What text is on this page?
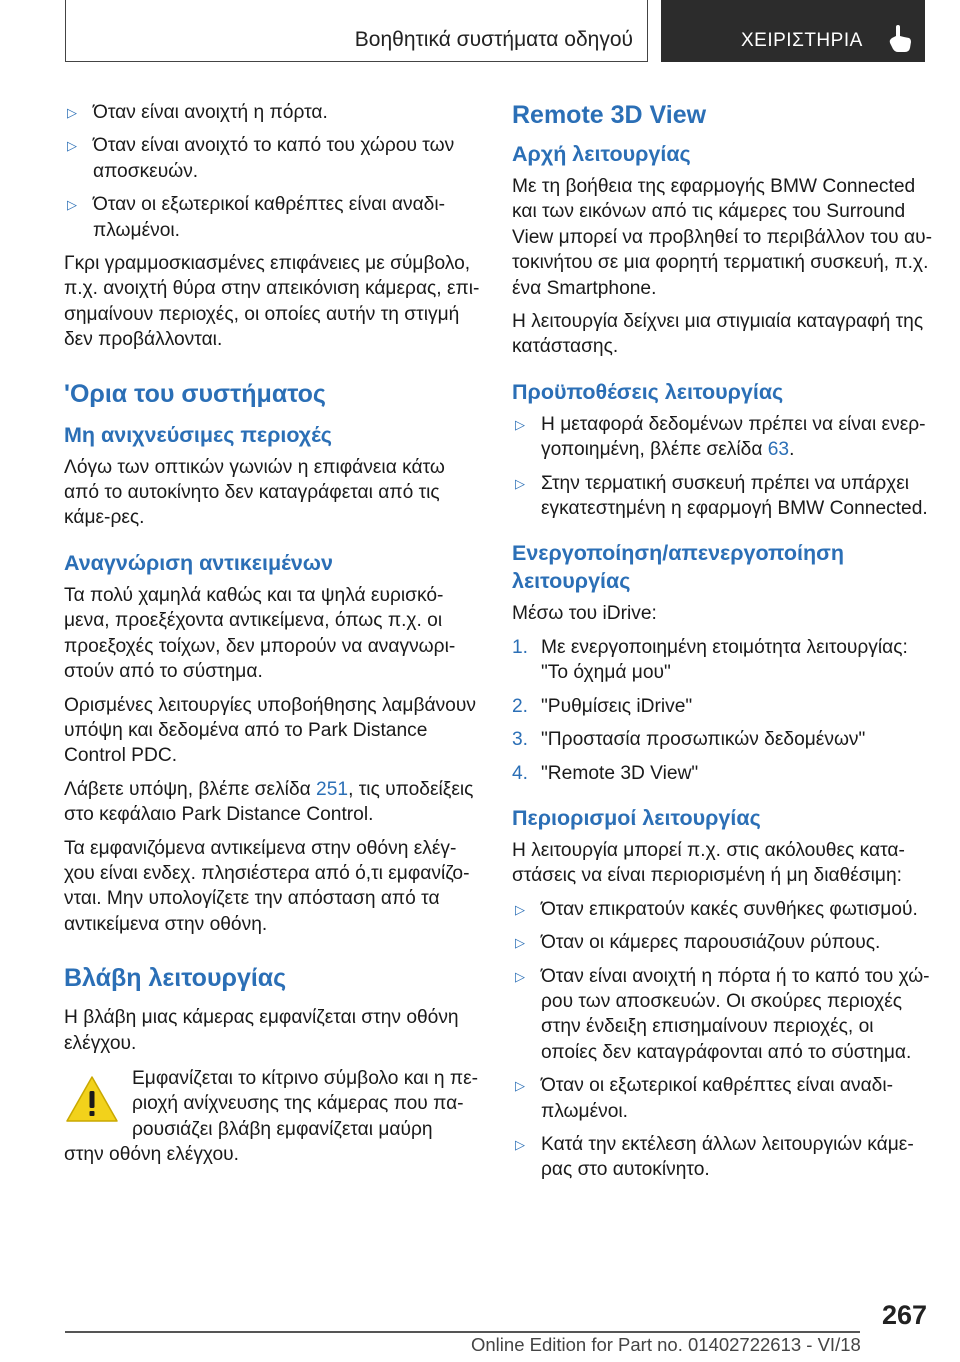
Βοηθητικά συστήματα οδηγού	ΧΕΙΡΙΣΤΗΡΙΑ
▷ Όταν είναι ανοιχτή η πόρτα.
▷ Όταν είναι ανοιχτό το καπό του χώρου των αποσκευών.
▷ Όταν οι εξωτερικοί καθρέπτες είναι αναδι-πλωμένοι.

Γκρι γραμμοσκιασμένες επιφάνειες με σύμβολο, π.χ. ανοιχτή θύρα στην απεικόνιση κάμερας, επι-σημαίνουν περιοχές, οι οποίες αυτήν τη στιγμή δεν προβάλλονται.

'Ορια του συστήματος
Μη ανιχνεύσιμες περιοχές

Λόγω των οπτικών γωνιών η επιφάνεια κάτω από το αυτοκίνητο δεν καταγράφεται από τις κάμε-ρες.

Αναγνώριση αντικειμένων

Τα πολύ χαμηλά καθώς και τα ψηλά ευρισκό-μενα, προεξέχοντα αντικείμενα, όπως π.χ. οι προεξοχές τοίχων, δεν μπορούν να αναγνωρι-στούν από το σύστημα.

Ορισμένες λειτουργίες υποβοήθησης λαμβάνουν υπόψη και δεδομένα από το Park Distance Control PDC.

Λάβετε υπόψη, βλέπε σελίδα 251, τις υποδείξεις στο κεφάλαιο Park Distance Control.

Τα εμφανιζόμενα αντικείμενα στην οθόνη ελέγ-χου είναι ενδεχ. πλησιέστερα από ό,τι εμφανίζο-νται. Μην υπολογίζετε την απόσταση από τα αντικείμενα στην οθόνη.

Βλάβη λειτουργίας

Η βλάβη μιας κάμερας εμφανίζεται στην οθόνη ελέγχου.

Εμφανίζεται το κίτρινο σύμβολο και η πε-

ριοχή ανίχνευσης της κάμερας που πα-

ρουσιάζει βλάβη εμφανίζεται μαύρη

στην οθόνη ελέγχου.

Remote 3D View
Αρχή λειτουργίας

Με τη βοήθεια της εφαρμογής BMW Connected και των εικόνων από τις κάμερες του Surround View μπορεί να προβληθεί το περιβάλλον του αυ-τοκινήτου σε μια φορητή τερματική συσκευή, π.χ. ένα Smartphone.

Η λειτουργία δείχνει μια στιγμιαία καταγραφή της κατάστασης.

Προϋποθέσεις λειτουργίας
▷ Η μεταφορά δεδομένων πρέπει να είναι ενερ-γοποιημένη, βλέπε σελίδα 63.
▷ Στην τερματική συσκευή πρέπει να υπάρχει εγκατεστημένη η εφαρμογή BMW Connected.
Ενεργοποίηση/απενεργοποίηση λειτουργίας

Μέσω του iDrive:

1. Με ενεργοποιημένη ετοιμότητα λειτουργίας: "Το όχημά μου"
2. "Ρυθμίσεις iDrive"
3. "Προστασία προσωπικών δεδομένων"
4. "Remote 3D View"
Περιορισμοί λειτουργίας

Η λειτουργία μπορεί π.χ. στις ακόλουθες κατα-στάσεις να είναι περιορισμένη ή μη διαθέσιμη:

▷ Όταν επικρατούν κακές συνθήκες φωτισμού.
▷ Όταν οι κάμερες παρουσιάζουν ρύπους.
▷ Όταν είναι ανοιχτή η πόρτα ή το καπό του χώ-ρου των αποσκευών. Οι σκούρες περιοχές στην ένδειξη επισημαίνουν περιοχές, οι οποίες δεν καταγράφονται από το σύστημα.
▷ Όταν οι εξωτερικοί καθρέπτες είναι αναδι-πλωμένοι.
▷ Κατά την εκτέλεση άλλων λειτουργιών κάμε-ρας στο αυτοκίνητο.
267
Online Edition for Part no. 01402722613 - VI/18
